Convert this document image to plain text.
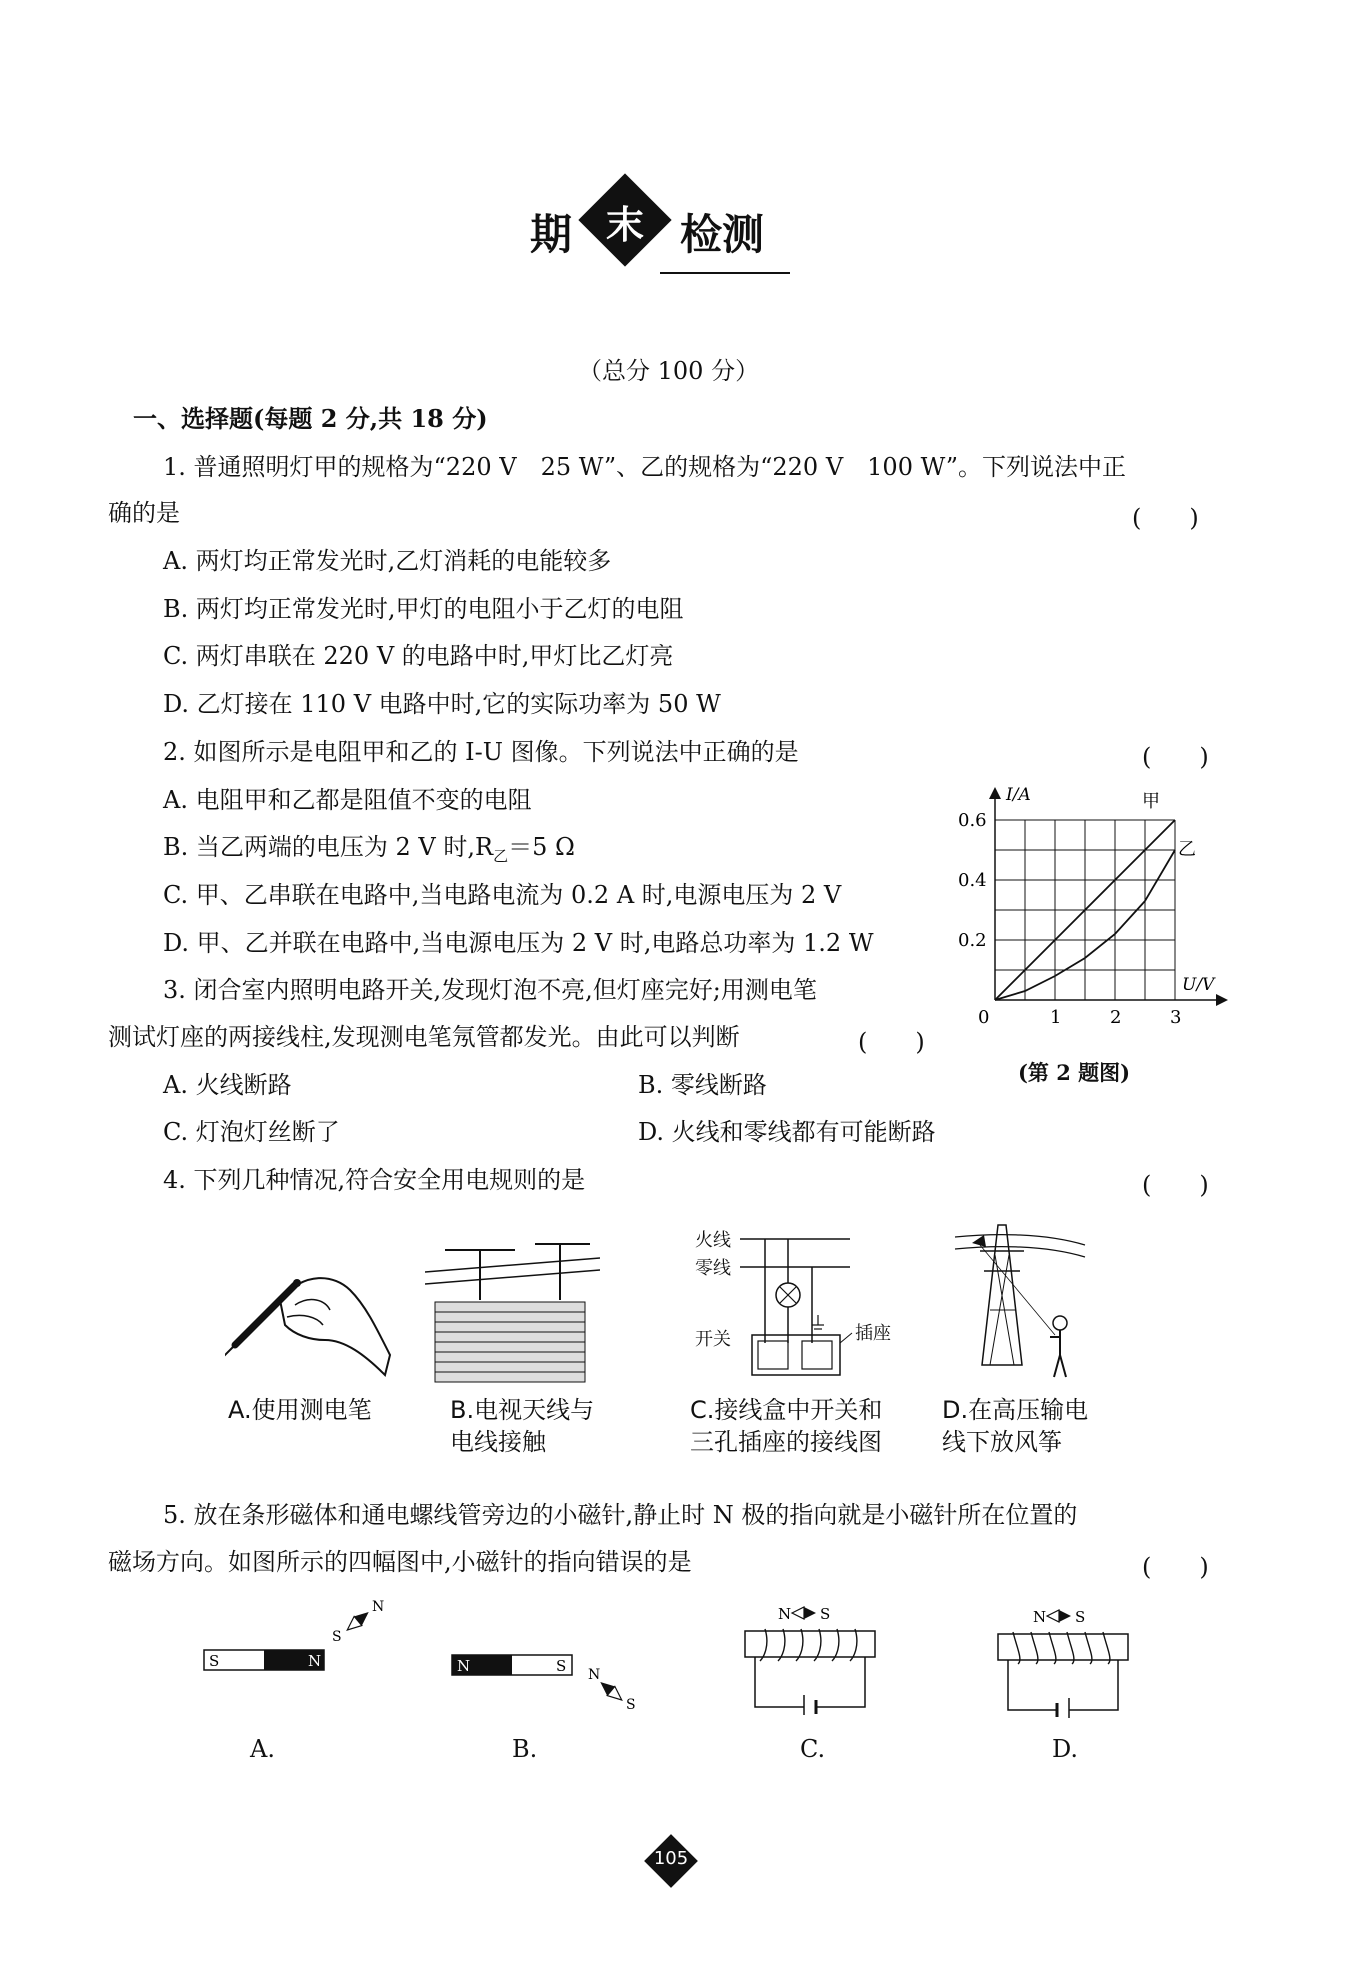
期 末 检测
（总分 100 分）
一、选择题(每题 2 分,共 18 分)
1. 普通照明灯甲的规格为“220 V　25 W”、乙的规格为“220 V　100 W”。下列说法中正
确的是	(　　)
A. 两灯均正常发光时,乙灯消耗的电能较多
B. 两灯均正常发光时,甲灯的电阻小于乙灯的电阻
C. 两灯串联在 220 V 的电路中时,甲灯比乙灯亮
D. 乙灯接在 110 V 电路中时,它的实际功率为 50 W
2. 如图所示是电阻甲和乙的 I-U 图像。下列说法中正确的是	(　　)
A. 电阻甲和乙都是阻值不变的电阻
B. 当乙两端的电压为 2 V 时$,R_乙=5$ Ω
C. 甲、乙串联在电路中,当电路电流为 0.2 A 时,电源电压为 2 V
D. 甲、乙并联在电路中,当电源电压为 2 V 时,电路总功率为 1.2 W
I/A
U/V
0	1	2	3
0.2
0.4
0.6
甲
乙
(第 2 题图)
3. 闭合室内照明电路开关,发现灯泡不亮,但灯座完好;用测电笔
测试灯座的两接线柱,发现测电笔氖管都发光。由此可以判断	(　　)
A. 火线断路	B. 零线断路
C. 灯泡灯丝断了	D. 火线和零线都有可能断路
4. 下列几种情况,符合安全用电规则的是	(　　)
火线
零线
开关	插座
A.使用测电笔	B.电视天线与
电线接触
C.接线盒中开关和
三孔插座的接线图
D.在高压输电
线下放风筝
5. 放在条形磁体和通电螺线管旁边的小磁针,静止时 N 极的指向就是小磁针所在位置的
磁场方向。如图所示的四幅图中,小磁针的指向错误的是	(　　)
S	N
S
N
N	S N
S
N S	N S
A.	B.	C.	D.
105
